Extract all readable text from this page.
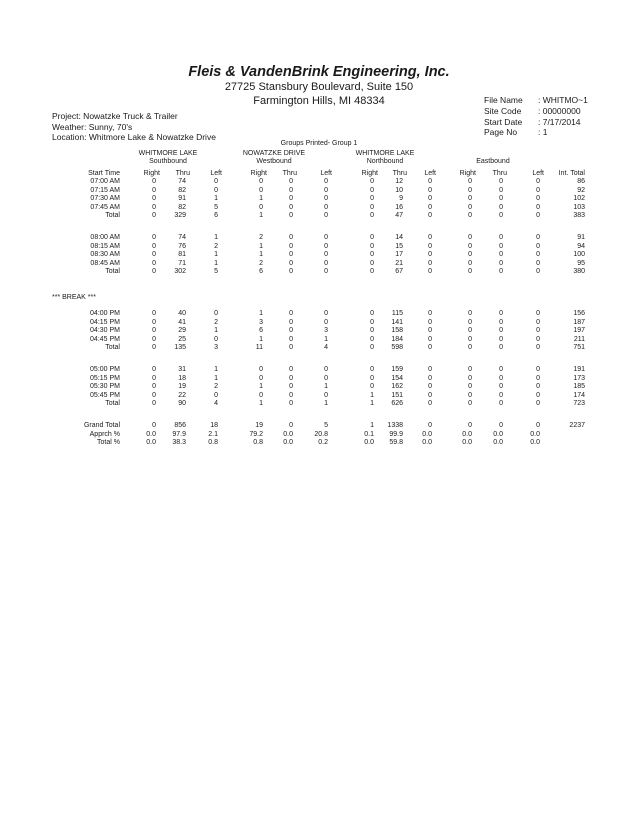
Fleis & VandenBrink Engineering, Inc.
27725 Stansbury Boulevard, Suite 150
Farmington Hills, MI 48334
Project: Nowatzke Truck & Trailer
Weather: Sunny, 70's
Location: Whitmore Lake & Nowatzke Drive
File Name	: WHITMO~1
Site Code	: 00000000
Start Date	: 7/17/2014
Page No	: 1
Groups Printed- Group 1
WHITMORE LAKE
Southbound
NOWATZKE DRIVE
Westbound
WHITMORE LAKE
Northbound
	Eastbound
*** BREAK ***
Start Time	Right	Thru	Left	Right	Thru	Left	Right	Thru	Left	Right	Thru	Left	Int. Total
07:00 AM	0	74	0	0	0	0	0	12	0	0	0	0	86
07:15 AM	0	82	0	0	0	0	0	10	0	0	0	0	92
07:30 AM	0	91	1	1	0	0	0	9	0	0	0	0	102
07:45 AM	0	82	5	0	0	0	0	16	0	0	0	0	103
Total	0	329	6	1	0	0	0	47	0	0	0	0	383
08:00 AM	0	74	1	2	0	0	0	14	0	0	0	0	91
08:15 AM	0	76	2	1	0	0	0	15	0	0	0	0	94
08:30 AM	0	81	1	1	0	0	0	17	0	0	0	0	100
08:45 AM	0	71	1	2	0	0	0	21	0	0	0	0	95
Total	0	302	5	6	0	0	0	67	0	0	0	0	380
04:00 PM	0	40	0	1	0	0	0	115	0	0	0	0	156
04:15 PM	0	41	2	3	0	0	0	141	0	0	0	0	187
04:30 PM	0	29	1	6	0	3	0	158	0	0	0	0	197
04:45 PM	0	25	0	1	0	1	0	184	0	0	0	0	211
Total	0	135	3	11	0	4	0	598	0	0	0	0	751
05:00 PM	0	31	1	0	0	0	0	159	0	0	0	0	191
05:15 PM	0	18	1	0	0	0	0	154	0	0	0	0	173
05:30 PM	0	19	2	1	0	1	0	162	0	0	0	0	185
05:45 PM	0	22	0	0	0	0	1	151	0	0	0	0	174
Total	0	90	4	1	0	1	1	626	0	0	0	0	723
Grand Total	0	856	18	19	0	5	1	1338	0	0	0	0	2237
Apprch %	0.0	97.9	2.1	79.2	0.0	20.8	0.1	99.9	0.0	0.0	0.0	0.0
Total %	0.0	38.3	0.8	0.8	0.0	0.2	0.0	59.8	0.0	0.0	0.0	0.0
